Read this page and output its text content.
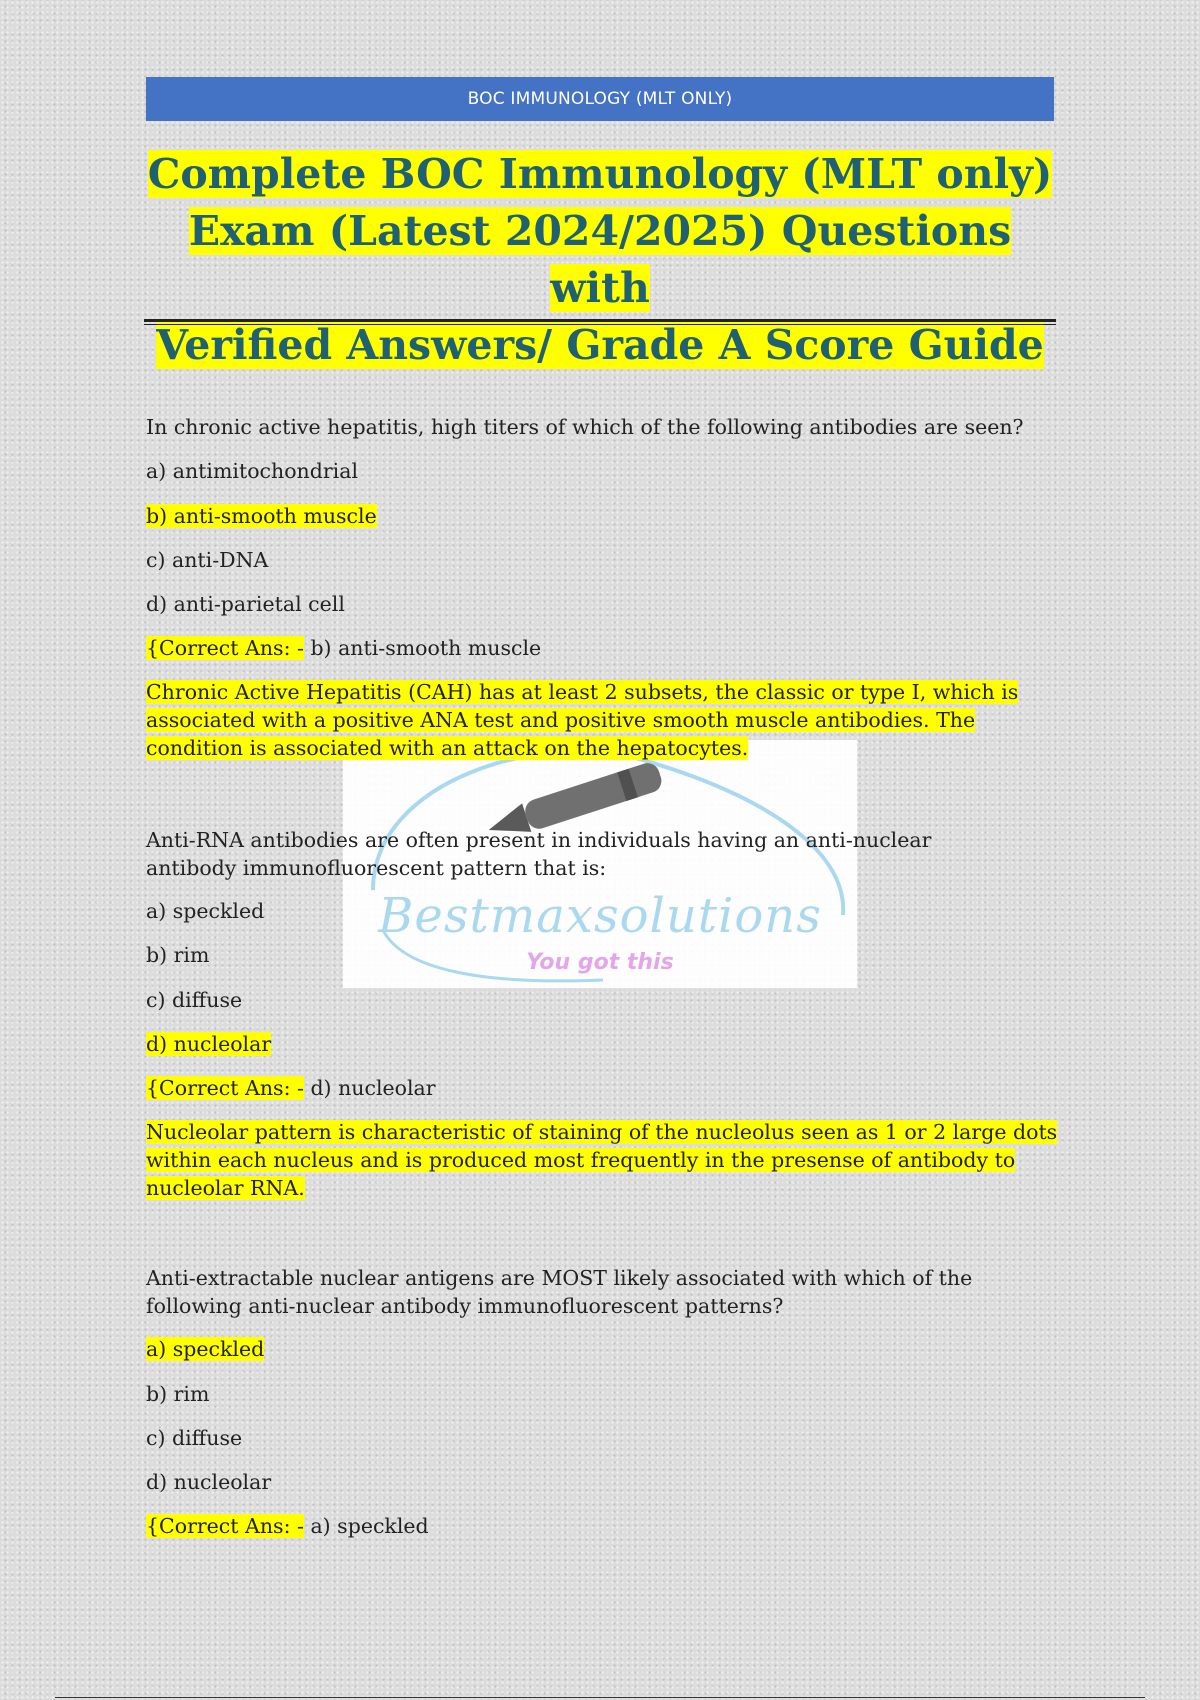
BOC IMMUNOLOGY (MLT ONLY)
Complete BOC Immunology (MLT only)
Exam (Latest 2024/2025) Questions with
Verified Answers/ Grade A Score Guide
Bestmaxsolutions
You got this

In chronic active hepatitis, high titers of which of the following antibodies are seen?

a) antimitochondrial
b) anti-smooth muscle
c) anti-DNA
d) anti-parietal cell
{Correct Ans: - b) anti-smooth muscle

Chronic Active Hepatitis (CAH) has at least 2 subsets, the classic or type I, which is associated with a positive ANA test and positive smooth muscle antibodies. The condition is associated with an attack on the hepatocytes.

Anti-RNA antibodies are often present in individuals having an anti-nuclear antibody immunofluorescent pattern that is:

a) speckled
b) rim
c) diffuse
d) nucleolar
{Correct Ans: - d) nucleolar

Nucleolar pattern is characteristic of staining of the nucleolus seen as 1 or 2 large dots within each nucleus and is produced most frequently in the presense of antibody to nucleolar RNA.

Anti-extractable nuclear antigens are MOST likely associated with which of the following anti-nuclear antibody immunofluorescent patterns?

a) speckled
b) rim
c) diffuse
d) nucleolar
{Correct Ans: - a) speckled
